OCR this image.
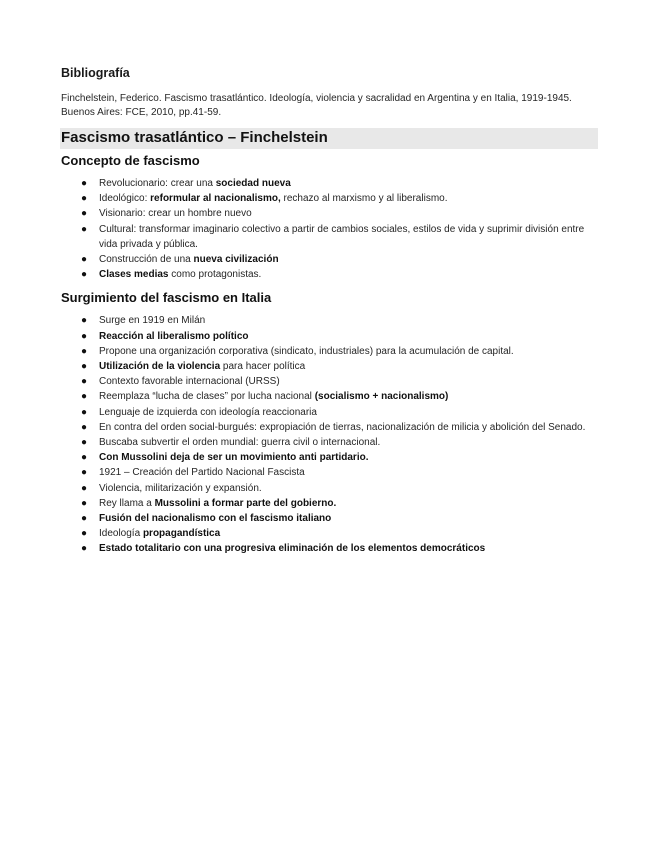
Bibliografía

Finchelstein, Federico. Fascismo trasatlántico. Ideología, violencia y sacralidad en Argentina y en Italia, 1919-1945. Buenos Aires: FCE, 2010, pp.41-59.

Fascismo trasatlántico – Finchelstein
Concepto de fascismo
● Revolucionario: crear una sociedad nueva
● Ideológico: reformular al nacionalismo, rechazo al marxismo y al liberalismo.
● Visionario: crear un hombre nuevo
● Cultural: transformar imaginario colectivo a partir de cambios sociales, estilos de vida y suprimir división entre vida privada y pública.
● Construcción de una nueva civilización
● Clases medias como protagonistas.
Surgimiento del fascismo en Italia
● Surge en 1919 en Milán
● Reacción al liberalismo político
● Propone una organización corporativa (sindicato, industriales) para la acumulación de capital.
● Utilización de la violencia para hacer política
● Contexto favorable internacional (URSS)
● Reemplaza “lucha de clases” por lucha nacional (socialismo + nacionalismo)
● Lenguaje de izquierda con ideología reaccionaria
● En contra del orden social-burgués: expropiación de tierras, nacionalización de milicia y abolición del Senado.
● Buscaba subvertir el orden mundial: guerra civil o internacional.
● Con Mussolini deja de ser un movimiento anti partidario.
● 1921 – Creación del Partido Nacional Fascista
● Violencia, militarización y expansión.
● Rey llama a Mussolini a formar parte del gobierno.
● Fusión del nacionalismo con el fascismo italiano
● Ideología propagandística
● Estado totalitario con una progresiva eliminación de los elementos democráticos
